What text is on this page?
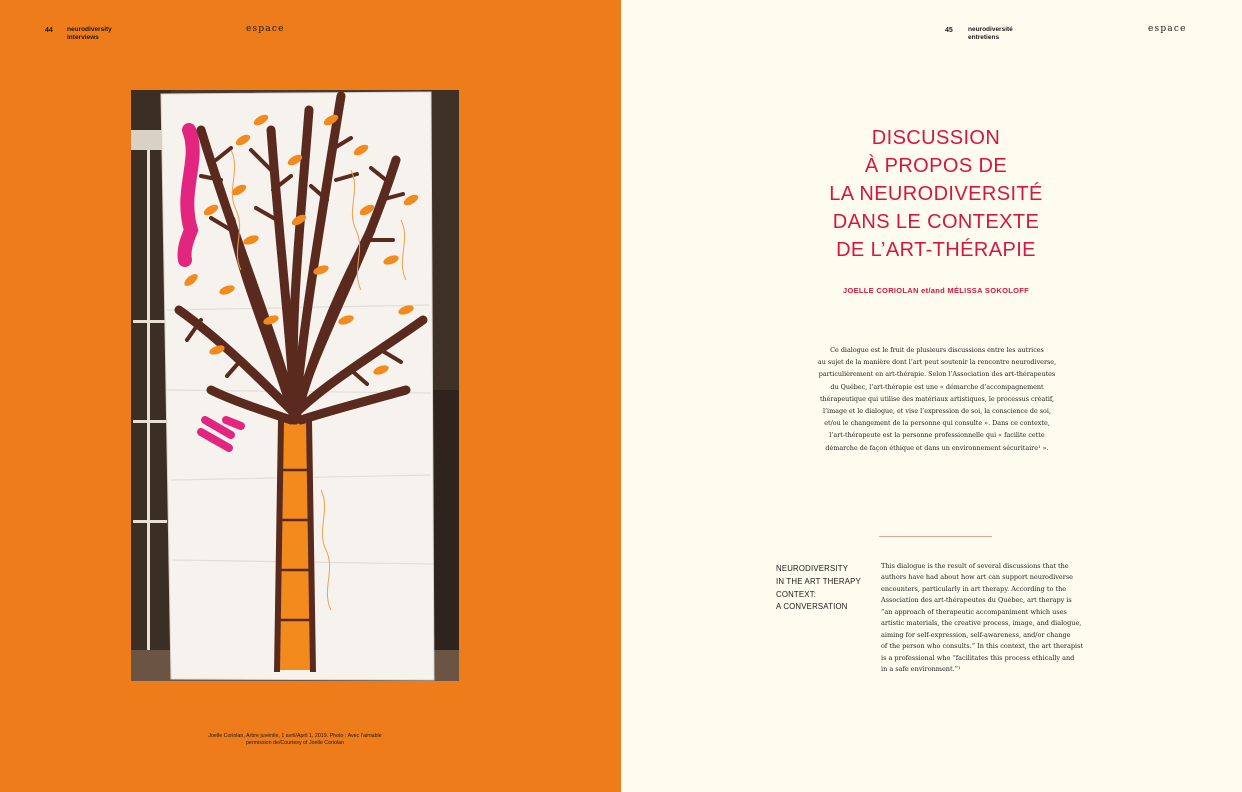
44 neurodiversity
interviews
espace
Joelle Coriolan, Arbre juvénile, 1 avril/April 1, 2019. Photo : Avec l’aimable
permission de/Courtesy of Joelle Coriolan
45 neurodiversité
entretiens
espace
DISCUSSION
À PROPOS DE
LA NEURODIVERSITÉ
DANS LE CONTEXTE
DE L’ART-THÉRAPIE
JOELLE CORIOLAN et/and MÉLISSA SOKOLOFF
Ce dialogue est le fruit de plusieurs discussions entre les autrices
au sujet de la manière dont l’art peut soutenir la rencontre neurodiverse,
particulièrement en art-thérapie. Selon l’Association des art-thérapeutes
du Québec, l’art-thérapie est une « démarche d’accompagnement
thérapeutique qui utilise des matériaux artistiques, le processus créatif,
l’image et le dialogue, et vise l’expression de soi, la conscience de soi,
et/ou le changement de la personne qui consulte ». Dans ce contexte,
l’art-thérapeute est la personne professionnelle qui « facilite cette
démarche de façon éthique et dans un environnement sécuritaire¹ ».
NEURODIVERSITY
IN THE ART THERAPY
CONTEXT:
A CONVERSATION
This dialogue is the result of several discussions that the
authors have had about how art can support neurodiverse
encounters, particularly in art therapy. According to the
Association des art-thérapeutes du Québec, art therapy is
“an approach of therapeutic accompaniment which uses
artistic materials, the creative process, image, and dialogue,
aiming for self-expression, self-awareness, and/or change
of the person who consults.” In this context, the art therapist
is a professional who “facilitates this process ethically and
in a safe environment.”¹
